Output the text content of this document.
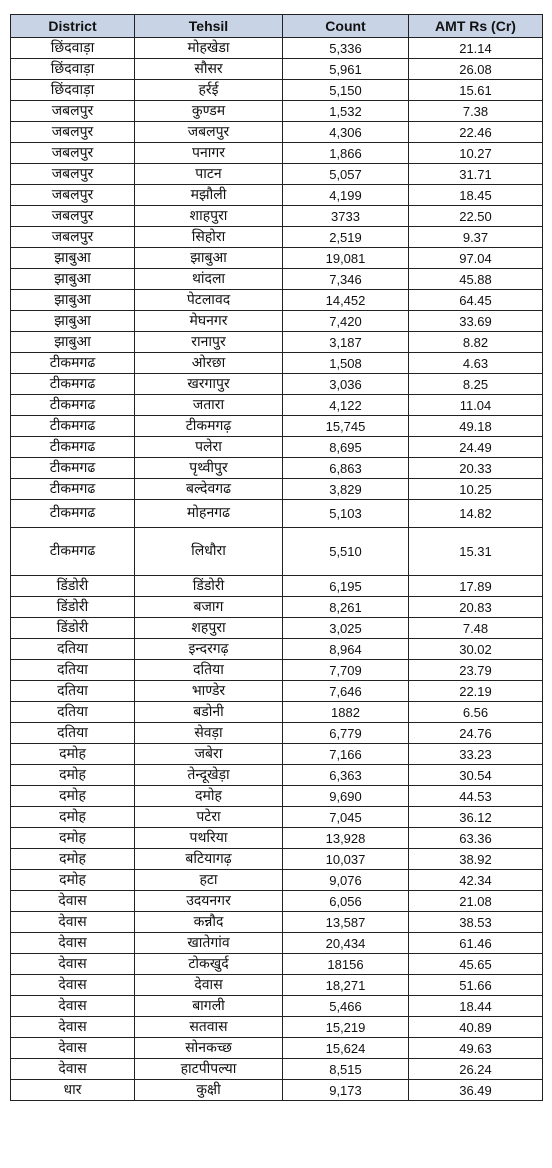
District	Tehsil	Count	AMT Rs (Cr)
छिंदवाड़ा	मोहखेडा	5,336	21.14
छिंदवाड़ा	सौसर	5,961	26.08
छिंदवाड़ा	हर्रई	5,150	15.61
जबलपुर	कुण्डम	1,532	7.38
जबलपुर	जबलपुर	4,306	22.46
जबलपुर	पनागर	1,866	10.27
जबलपुर	पाटन	5,057	31.71
जबलपुर	मझौली	4,199	18.45
जबलपुर	शाहपुरा	3733	22.50
जबलपुर	सिहोरा	2,519	9.37
झाबुआ	झाबुआ	19,081	97.04
झाबुआ	थांदला	7,346	45.88
झाबुआ	पेटलावद	14,452	64.45
झाबुआ	मेघनगर	7,420	33.69
झाबुआ	रानापुर	3,187	8.82
टीकमगढ	ओरछा	1,508	4.63
टीकमगढ	खरगापुर	3,036	8.25
टीकमगढ	जतारा	4,122	11.04
टीकमगढ	टीकमगढ़	15,745	49.18
टीकमगढ	पलेरा	8,695	24.49
टीकमगढ	पृथ्वीपुर	6,863	20.33
टीकमगढ	बल्देवगढ	3,829	10.25
टीकमगढ	मोहनगढ	5,103	14.82
टीकमगढ	लिधौरा	5,510	15.31
डिंडोरी	डिंडोरी	6,195	17.89
डिंडोरी	बजाग	8,261	20.83
डिंडोरी	शहपुरा	3,025	7.48
दतिया	इन्दरगढ़	8,964	30.02
दतिया	दतिया	7,709	23.79
दतिया	भाण्डेर	7,646	22.19
दतिया	बडोनी	1882	6.56
दतिया	सेवड़ा	6,779	24.76
दमोह	जबेरा	7,166	33.23
दमोह	तेन्दूखेड़ा	6,363	30.54
दमोह	दमोह	9,690	44.53
दमोह	पटेरा	7,045	36.12
दमोह	पथरिया	13,928	63.36
दमोह	बटियागढ़	10,037	38.92
दमोह	हटा	9,076	42.34
देवास	उदयनगर	6,056	21.08
देवास	कन्नौद	13,587	38.53
देवास	खातेगांव	20,434	61.46
देवास	टोकखुर्द	18156	45.65
देवास	देवास	18,271	51.66
देवास	बागली	5,466	18.44
देवास	सतवास	15,219	40.89
देवास	सोनकच्छ	15,624	49.63
देवास	हाटपीपल्या	8,515	26.24
धार	कुक्षी	9,173	36.49
